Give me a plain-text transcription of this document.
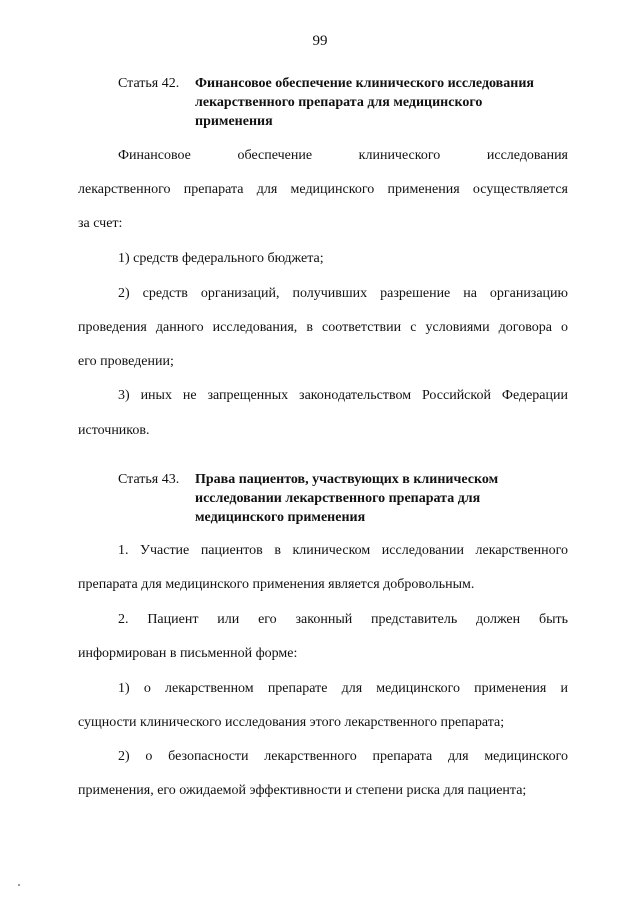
99
Статья 42. Финансовое обеспечение клинического исследования
лекарственного препарата для медицинского
применения
Финансовое обеспечение клинического исследования
лекарственного препарата для медицинского применения осуществляется
за счет:
1) средств федерального бюджета;
2) средств организаций, получивших разрешение на организацию
проведения данного исследования, в соответствии с условиями договора о
его проведении;
3) иных не запрещенных законодательством Российской Федерации
источников.
Статья 43. Права пациентов, участвующих в клиническом
исследовании лекарственного препарата для
медицинского применения
1. Участие пациентов в клиническом исследовании лекарственного
препарата для медицинского применения является добровольным.
2. Пациент или его законный представитель должен быть
информирован в письменной форме:
1) о лекарственном препарате для медицинского применения и
сущности клинического исследования этого лекарственного препарата;
2) о безопасности лекарственного препарата для медицинского
применения, его ожидаемой эффективности и степени риска для пациента;
